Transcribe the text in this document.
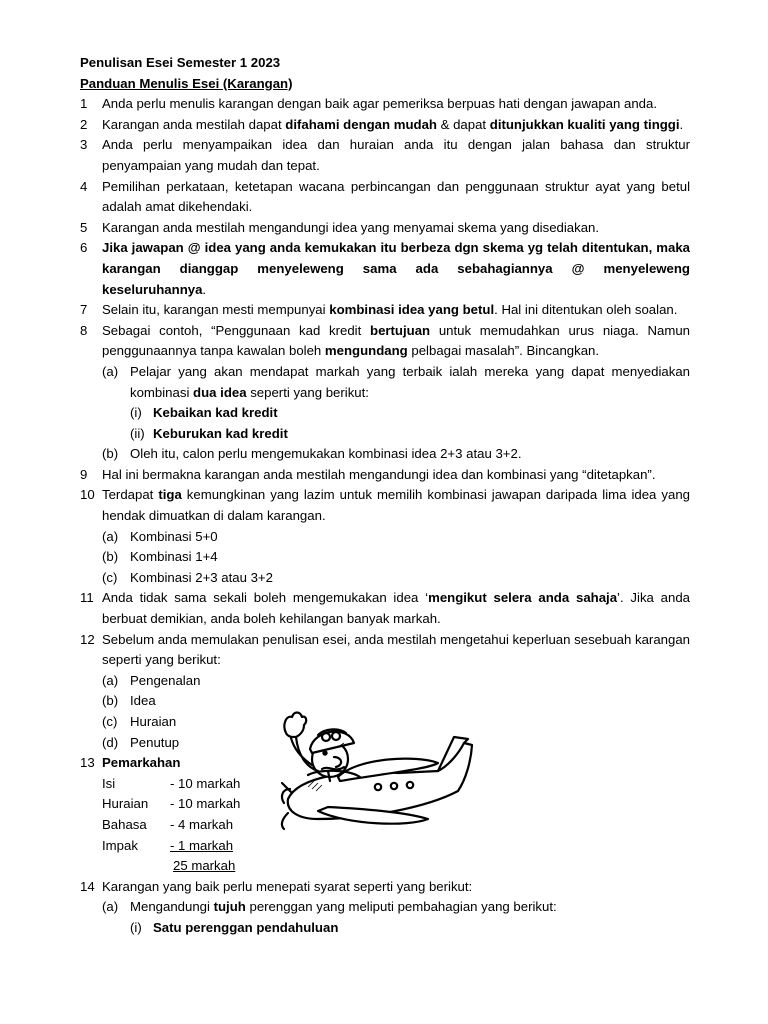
Penulisan Esei Semester 1 2023
Panduan Menulis Esei (Karangan)
1 Anda perlu menulis karangan dengan baik agar pemeriksa berpuas hati dengan jawapan anda.
2 Karangan anda mestilah dapat difahami dengan mudah & dapat ditunjukkan kualiti yang tinggi.
3 Anda perlu menyampaikan idea dan huraian anda itu dengan jalan bahasa dan struktur penyampaian yang mudah dan tepat.
4 Pemilihan perkataan, ketetapan wacana perbincangan dan penggunaan struktur ayat yang betul adalah amat dikehendaki.
5 Karangan anda mestilah mengandungi idea yang menyamai skema yang disediakan.
6 Jika jawapan @ idea yang anda kemukakan itu berbeza dgn skema yg telah ditentukan, maka karangan dianggap menyeleweng sama ada sebahagiannya @ menyeleweng keseluruhannya.
7 Selain itu, karangan mesti mempunyai kombinasi idea yang betul. Hal ini ditentukan oleh soalan.
8 Sebagai contoh, “Penggunaan kad kredit bertujuan untuk memudahkan urus niaga. Namun penggunaannya tanpa kawalan boleh mengundang pelbagai masalah”. Bincangkan.
(a) Pelajar yang akan mendapat markah yang terbaik ialah mereka yang dapat menyediakan kombinasi dua idea seperti yang berikut:
(i) Kebaikan kad kredit
(ii) Keburukan kad kredit
(b) Oleh itu, calon perlu mengemukakan kombinasi idea 2+3 atau 3+2.
9 Hal ini bermakna karangan anda mestilah mengandungi idea dan kombinasi yang “ditetapkan”.
10 Terdapat tiga kemungkinan yang lazim untuk memilih kombinasi jawapan daripada lima idea yang hendak dimuatkan di dalam karangan.
(a) Kombinasi 5+0
(b) Kombinasi 1+4
(c) Kombinasi 2+3 atau 3+2
11 Anda tidak sama sekali boleh mengemukakan idea ‘mengikut selera anda sahaja’. Jika anda berbuat demikian, anda boleh kehilangan banyak markah.
12 Sebelum anda memulakan penulisan esei, anda mestilah mengetahui keperluan sesebuah karangan seperti yang berikut:
(a) Pengenalan
(b) Idea
(c) Huraian
(d) Penutup
13 Pemarkahan
Isi	- 10 markah
Huraian - 10 markah
Bahasa - 4 markah
Impak - 1 markah
25 markah
14 Karangan yang baik perlu menepati syarat seperti yang berikut:
(a) Mengandungi tujuh perenggan yang meliputi pembahagian yang berikut:
(i) Satu perenggan pendahuluan
